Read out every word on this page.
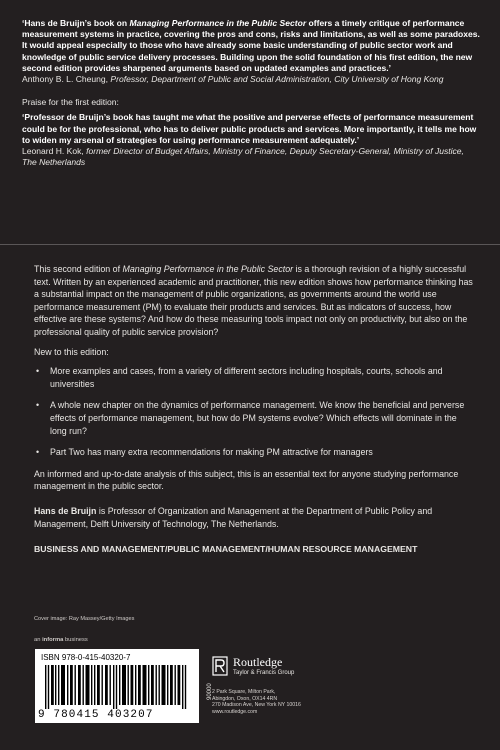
‘Hans de Bruijn’s book on Managing Performance in the Public Sector offers a timely critique of performance measurement systems in practice, covering the pros and cons, risks and limitations, as well as some paradoxes. It would appeal especially to those who have already some basic understanding of public sector work and knowledge of public service delivery processes. Building upon the solid foundation of his first edition, the new second edition provides sharpened arguments based on updated examples and practices.’
Anthony B. L. Cheung, Professor, Department of Public and Social Administration, City University of Hong Kong
Praise for the first edition:
‘Professor de Bruijn’s book has taught me what the positive and perverse effects of performance measurement could be for the professional, who has to deliver public products and services. More importantly, it tells me how to widen my arsenal of strategies for using performance measurement adequately.’
Leonard H. Kok, former Director of Budget Affairs, Ministry of Finance, Deputy Secretary-General, Ministry of Justice, The Netherlands

This second edition of Managing Performance in the Public Sector is a thorough revision of a highly successful text. Written by an experienced academic and practitioner, this new edition shows how performance thinking has a substantial impact on the management of public organizations, as governments around the world use performance measurement (PM) to evaluate their products and services. But as indicators of success, how effective are these systems? And how do these measuring tools impact not only on productivity, but also on the professional quality of public service provision?

New to this edition:

• More examples and cases, from a variety of different sectors including hospitals, courts, schools and universities
• A whole new chapter on the dynamics of performance management. We know the beneficial and perverse effects of performance management, but how do PM systems evolve? Which effects will dominate in the long run?
• Part Two has many extra recommendations for making PM attractive for managers

An informed and up-to-date analysis of this subject, this is an essential text for anyone studying performance management in the public sector.

Hans de Bruijn is Professor of Organization and Management at the Department of Public Policy and Management, Delft University of Technology, The Netherlands.

BUSINESS AND MANAGEMENT/PUBLIC MANAGEMENT/HUMAN RESOURCE MANAGEMENT
Cover image: Ray Massey/Getty Images
an informa business
ISBN 978-0-415-40320-7
9 780415 403207
90000
Routledge
Taylor & Francis Group
2 Park Square, Milton Park,
Abingdon, Oxon, OX14 4RN
270 Madison Ave, New York NY 10016
www.routledge.com
